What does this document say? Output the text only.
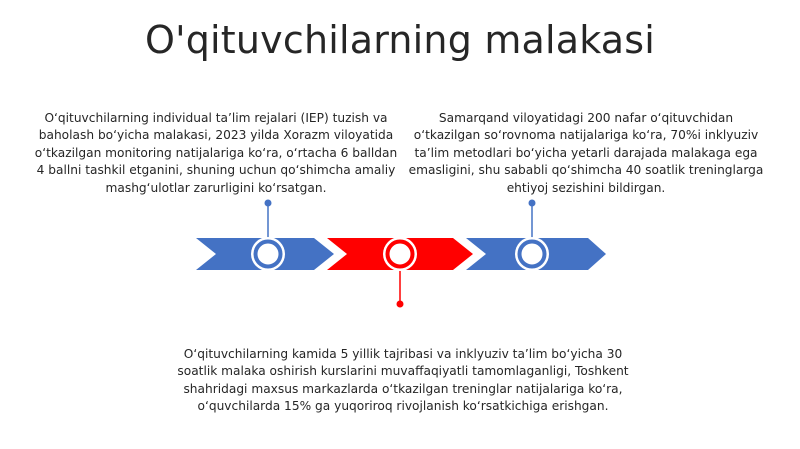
O'qituvchilarning malakasi
O‘qituvchilarning individual ta’lim rejalari (IEP) tuzish va baholash bo‘yicha malakasi, 2023 yilda Xorazm viloyatida o‘tkazilgan monitoring natijalariga ko‘ra, o‘rtacha 6 balldan 4 ballni tashkil etganini, shuning uchun qo‘shimcha amaliy mashg‘ulotlar zarurligini ko‘rsatgan.
Samarqand viloyatidagi 200 nafar o‘qituvchidan o‘tkazilgan so‘rovnoma natijalariga ko‘ra, 70%i inklyuziv ta’lim metodlari bo‘yicha yetarli darajada malakaga ega emasligini, shu sababli qo‘shimcha 40 soatlik treninglarga ehtiyoj sezishini bildirgan.
O‘qituvchilarning kamida 5 yillik tajribasi va inklyuziv ta’lim bo‘yicha 30 soatlik malaka oshirish kurslarini muvaffaqiyatli tamomlaganligi, Toshkent shahridagi maxsus markazlarda o‘tkazilgan treninglar natijalariga ko‘ra, o‘quvchilarda 15% ga yuqoriroq rivojlanish ko‘rsatkichiga erishgan.
